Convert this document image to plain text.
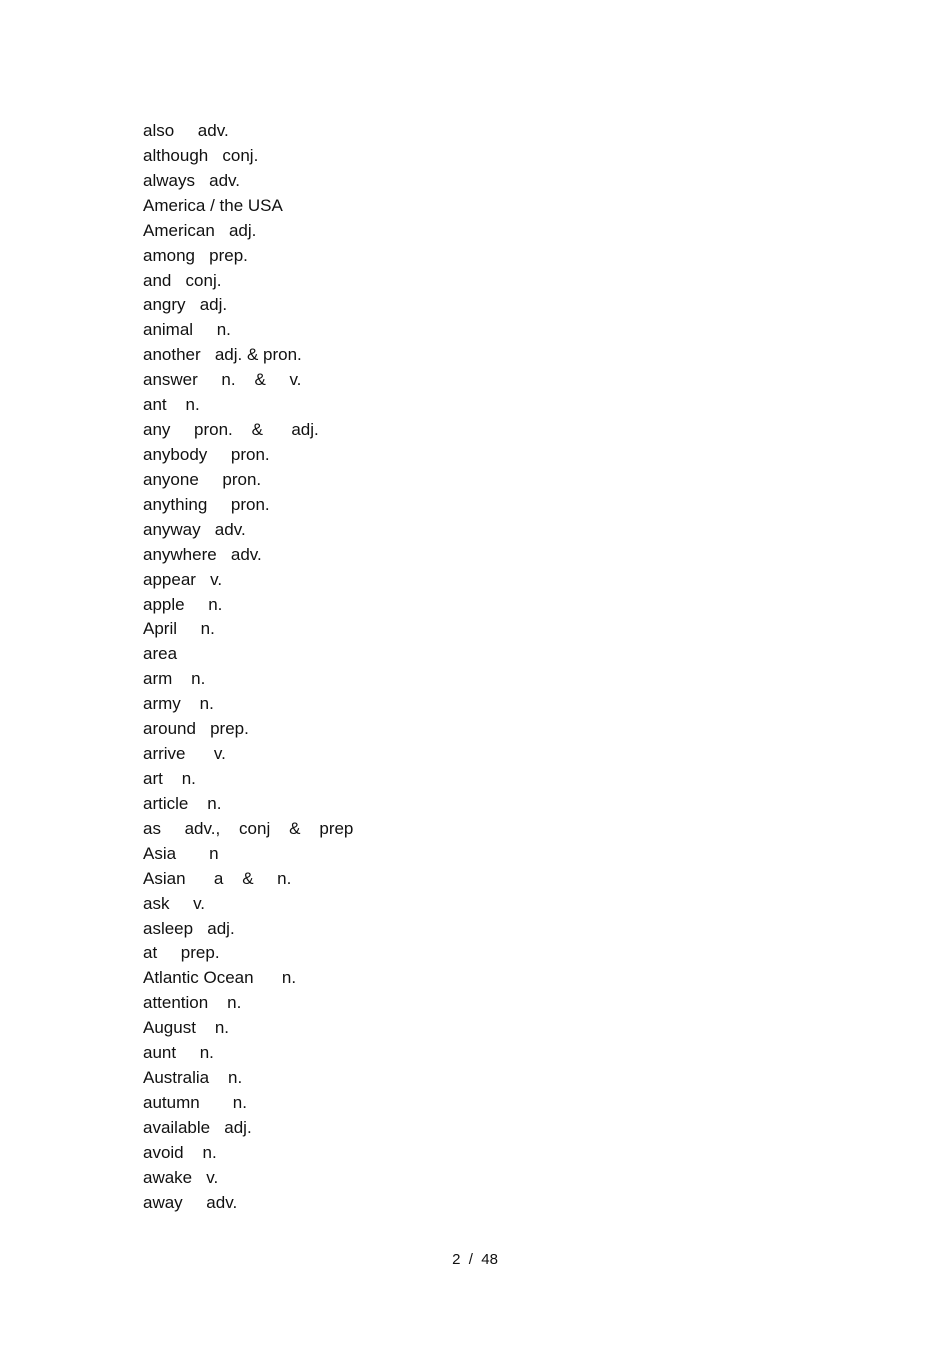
also     adv.
although   conj.
always   adv.
America / the USA
American   adj.
among   prep.
and   conj.
angry   adj.
animal     n.
another   adj. & pron.
answer     n.    &     v.
ant    n.
any     pron.    &      adj.
anybody     pron.
anyone     pron.
anything     pron.
anyway   adv.
anywhere   adv.
appear   v.
apple     n.
April     n.
area
arm    n.
army    n.
around   prep.
arrive      v.
art    n.
article    n.
as     adv.,    conj    &    prep
Asia       n
Asian      a    &     n.
ask     v.
asleep   adj.
at     prep.
Atlantic Ocean      n.
attention    n.
August    n.
aunt     n.
Australia    n.
autumn       n.
available   adj.
avoid    n.
awake   v.
away     adv.
2  /  48
